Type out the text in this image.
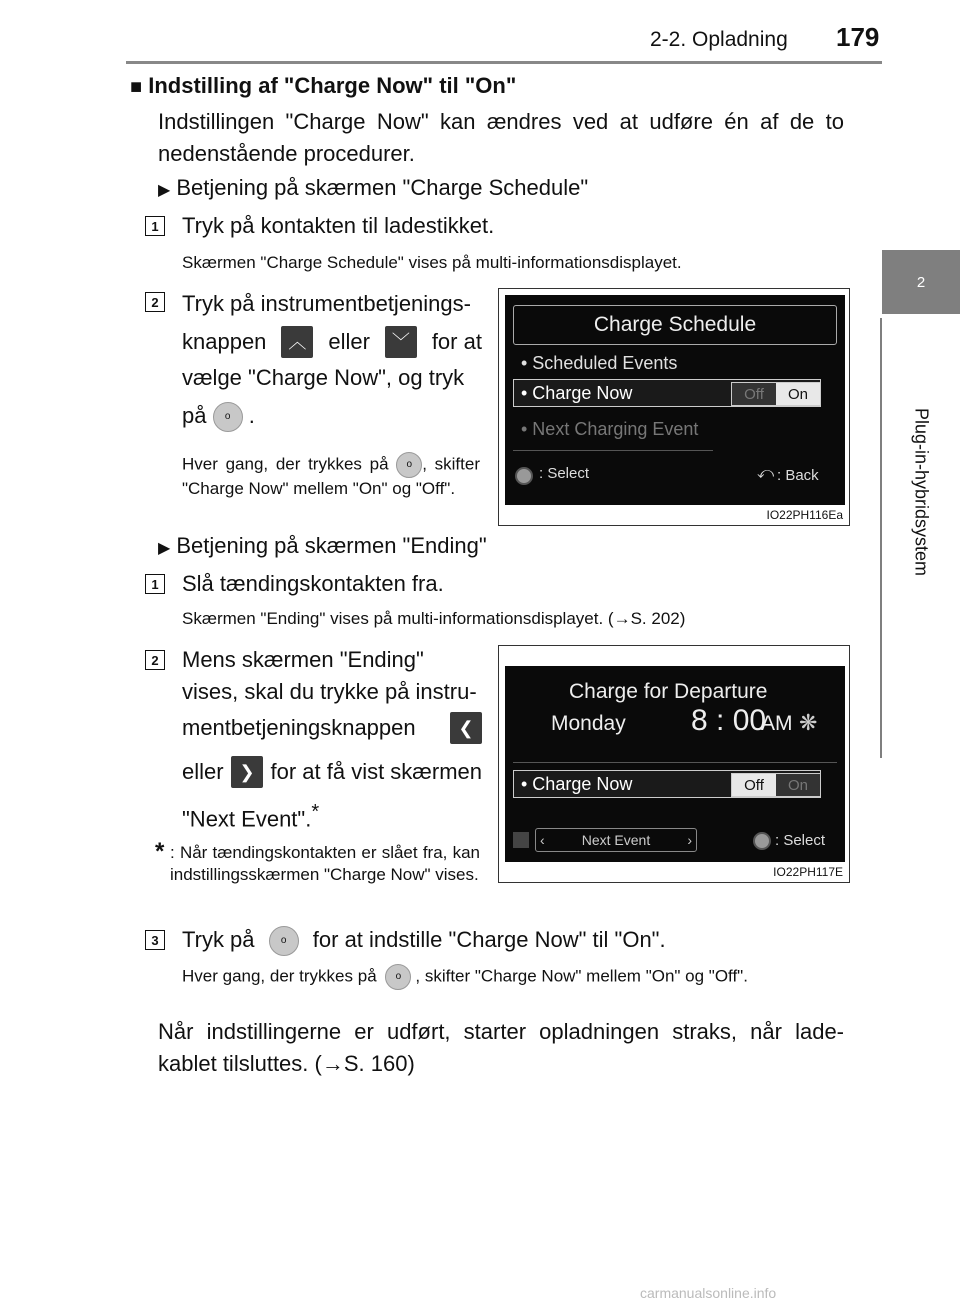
2-2. Opladning 179
2
Plug-in-hybridsystem
■ Indstilling af "Charge Now" til "On"
Indstillingen "Charge Now" kan ændres ved at udføre én af de to nedenstående procedurer.
▶ Betjening på skærmen "Charge Schedule"
1 Tryk på kontakten til ladestikket.
Skærmen "Charge Schedule" vises på multi-informationsdisplayet.
2 Tryk på instrumentbetjenings-
knappen	︿ eller	﹀ for at
vælge "Charge Now", og tryk
på o .
Hver gang, der trykkes på o , skifter "Charge Now" mellem "On" og "Off".
Charge Schedule
• Scheduled Events
• Charge Now	Off	On
• Next Charging Event
: Select	⤺ : Back
IO22PH116Ea
▶ Betjening på skærmen "Ending"
1 Slå tændingskontakten fra.
Skærmen "Ending" vises på multi-informationsdisplayet. (→S. 202)
2 Mens skærmen "Ending"
vises, skal du trykke på instru-
mentbetjeningsknappen	❮
eller ❯ for at få vist skærmen
"Next Event".*
* : Når tændingskontakten er slået fra, kan indstillingsskærmen "Charge Now" vises.
Charge for Departure
Monday 8 : 00
AM ❋
• Charge Now	Off	On
‹	Next Event	›	: Select
IO22PH117E
3 Tryk på	o for at indstille "Charge Now" til "On".
Hver gang, der trykkes på o , skifter "Charge Now" mellem "On" og "Off".
Når indstillingerne er udført, starter opladningen straks, når lade-kablet tilsluttes. (→S. 160)
carmanualsonline.info
